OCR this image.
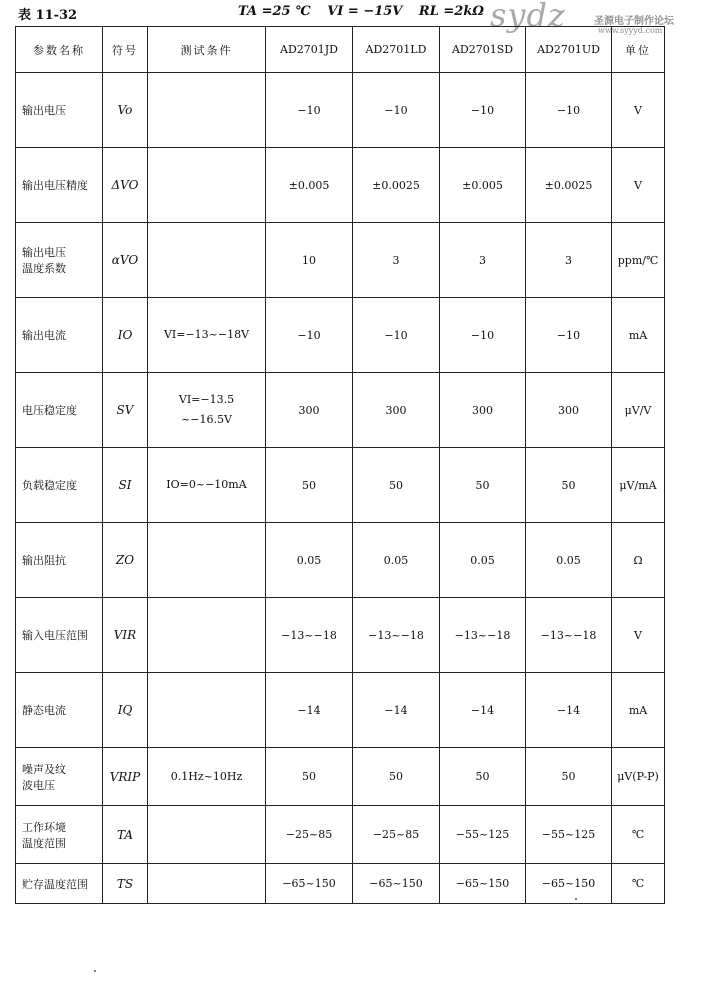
表 11-32	TA =25 ℃ VI = −15V RL =2kΩ sydz	圣源电子制作论坛
www.syyyd.com
参数名称	符号	测试条件	AD2701JD	AD2701LD	AD2701SD	AD2701UD	单位

输出电压	Vo		−10	−10	−10	−10	V

输出电压精度	ΔVO		±0.005	±0.0025	±0.005	±0.0025	V

输出电压
温度系数	αVO		10	3	3	3	ppm/℃

输出电流	IO	VI=−13~−18V	−10	−10	−10	−10	mA

电压稳定度	SV	VI=−13.5
~−16.5V	300	300	300	300	μV/V

负载稳定度	SI	IO=0~−10mA	50	50	50	50	μV/mA

输出阻抗	ZO		0.05	0.05	0.05	0.05	Ω

输入电压范围	VIR		−13~−18	−13~−18	−13~−18	−13~−18	V

静态电流	IQ		−14	−14	−14	−14	mA

噪声及纹
波电压	VRIP	0.1Hz~10Hz	50	50	50	50	μV(P-P)

工作环境
温度范围	TA		−25~85	−25~85	−55~125	−55~125	℃

贮存温度范围	TS		−65~150	−65~150	−65~150	−65~150	℃
